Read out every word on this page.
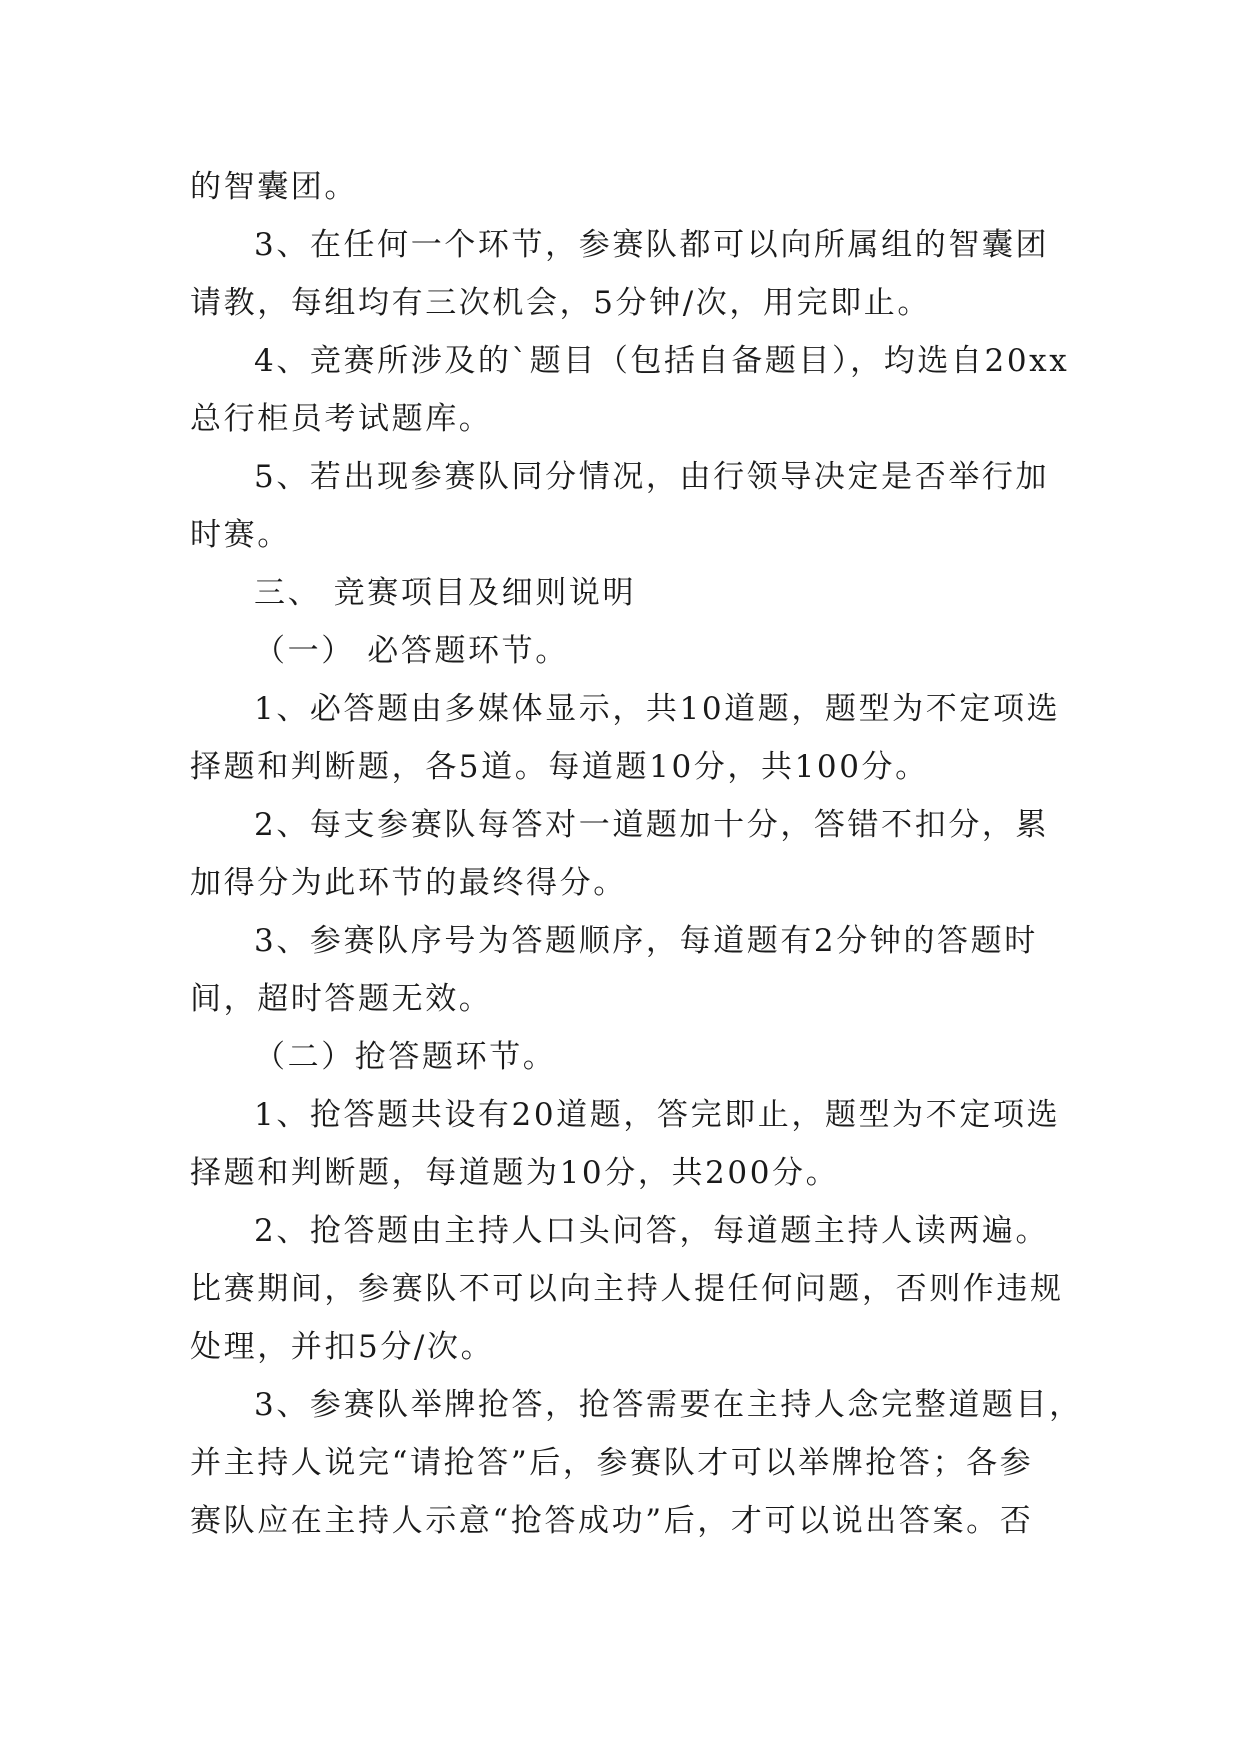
的智囊团。

3、在任何一个环节，参赛队都可以向所属组的智囊团

请教，每组均有三次机会，5分钟/次，用完即止。

4、竞赛所涉及的`题目（包括自备题目），均选自20xx

总行柜员考试题库。

5、若出现参赛队同分情况，由行领导决定是否举行加

时赛。

三、 竞赛项目及细则说明

（一） 必答题环节。

1、必答题由多媒体显示，共10道题，题型为不定项选

择题和判断题，各5道。每道题10分，共100分。

2、每支参赛队每答对一道题加十分，答错不扣分，累

加得分为此环节的最终得分。

3、参赛队序号为答题顺序，每道题有2分钟的答题时

间，超时答题无效。

（二）抢答题环节。

1、抢答题共设有20道题，答完即止，题型为不定项选

择题和判断题，每道题为10分，共200分。

2、抢答题由主持人口头问答，每道题主持人读两遍。

比赛期间，参赛队不可以向主持人提任何问题，否则作违规

处理，并扣5分/次。

3、参赛队举牌抢答，抢答需要在主持人念完整道题目，

并主持人说完“请抢答”后，参赛队才可以举牌抢答；各参

赛队应在主持人示意“抢答成功”后，才可以说出答案。否
